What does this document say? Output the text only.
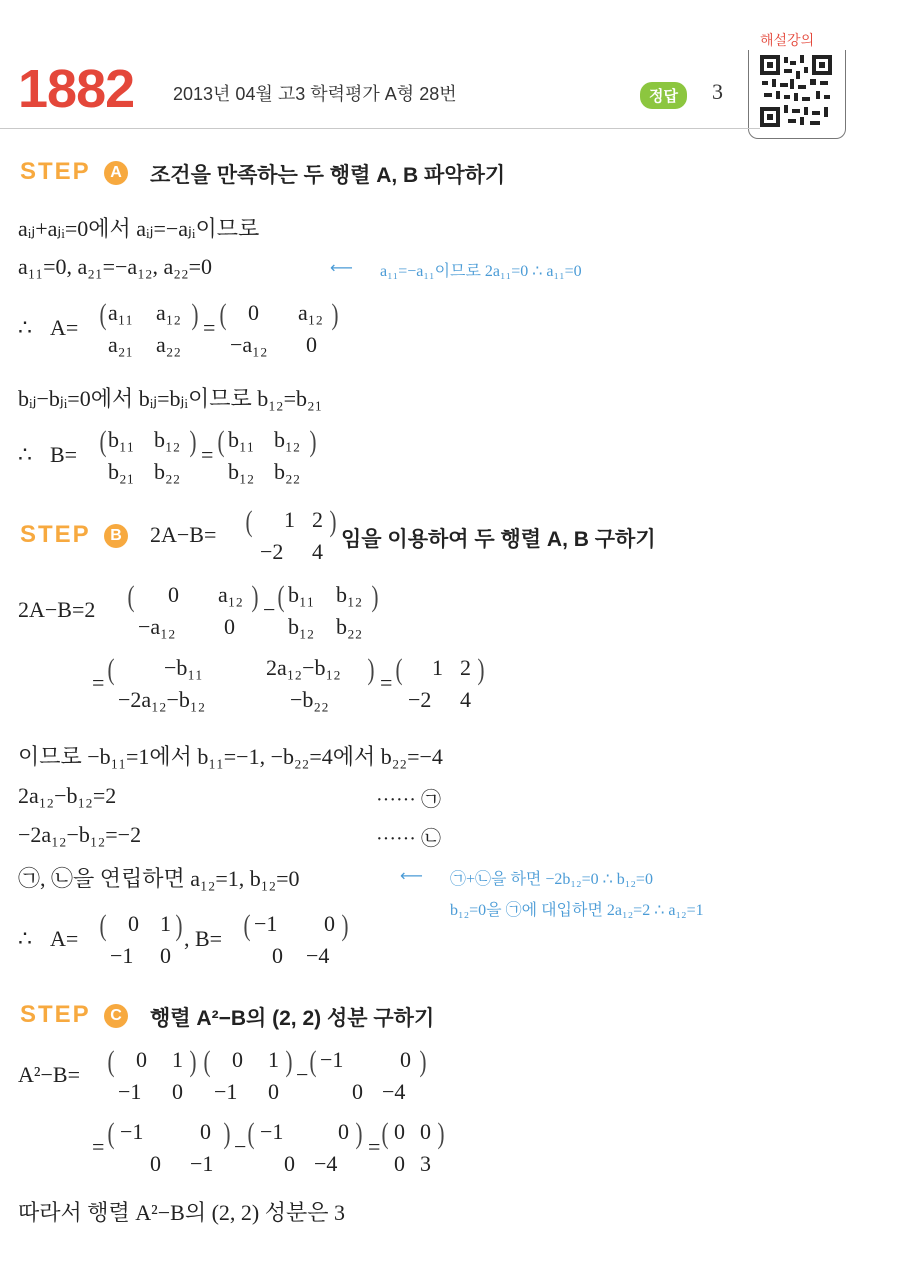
1882 2013년 04월 고3 학력평가 A형 28번	정답	3
해설강의
STEP	A 조건을 만족하는 두 행렬 A, B 파악하기
aᵢⱼ+aⱼᵢ=0에서 aᵢⱼ=−aⱼᵢ이므로
a₁₁=0, a₂₁=−a₁₂, a₂₂=0	⟵ a₁₁=−a₁₁이므로 2a₁₁=0 ∴ a₁₁=0
∴ A= ( a₁₁ a₁₂
a₂₁ a₂₂
) = ( 0 a₁₂
−a₁₂ 0
)
bᵢⱼ−bⱼᵢ=0에서 bᵢⱼ=bⱼᵢ이므로 b₁₂=b₂₁
∴ B= ( b₁₁ b₁₂
b₂₁ b₂₂
) = ( b₁₁ b₁₂
b₁₂ b₂₂
)
STEP	B 2A−B= ( 1 2
−2 4
)
임을 이용하여 두 행렬 A, B 구하기
2A−B=2 ( 0 a₁₂
−a₁₂ 0
) − ( b₁₁ b₁₂
b₁₂ b₂₂
)
= ( −b₁₁	2a₁₂−b₁₂
−2a₁₂−b₁₂	−b₂₂
) = ( 1 2
−2 4
)
이므로 −b₁₁=1에서 b₁₁=−1, −b₂₂=4에서 b₂₂=−4
2a₁₂−b₁₂=2	······ ㉠
−2a₁₂−b₁₂=−2	······ ㉡
㉠, ㉡을 연립하면 a₁₂=1, b₁₂=0	⟵ ㉠+㉡을 하면 −2b₁₂=0 ∴ b₁₂=0
b₁₂=0을 ㉠에 대입하면 2a₁₂=2 ∴ a₁₂=1
∴ A= ( 0 1
−1 0
) , B= ( −1 0
0 −4
)
STEP	C 행렬 A²−B의 (2, 2) 성분 구하기
A²−B= ( 0 1
−1 0
) ( 0 1
−1 0
) − ( −1	0
0 −4
)
= ( −1	0
0 −1
) − ( −1 0
0 −4
) = ( 0 0
0 3
)
따라서 행렬 A²−B의 (2, 2) 성분은 3
